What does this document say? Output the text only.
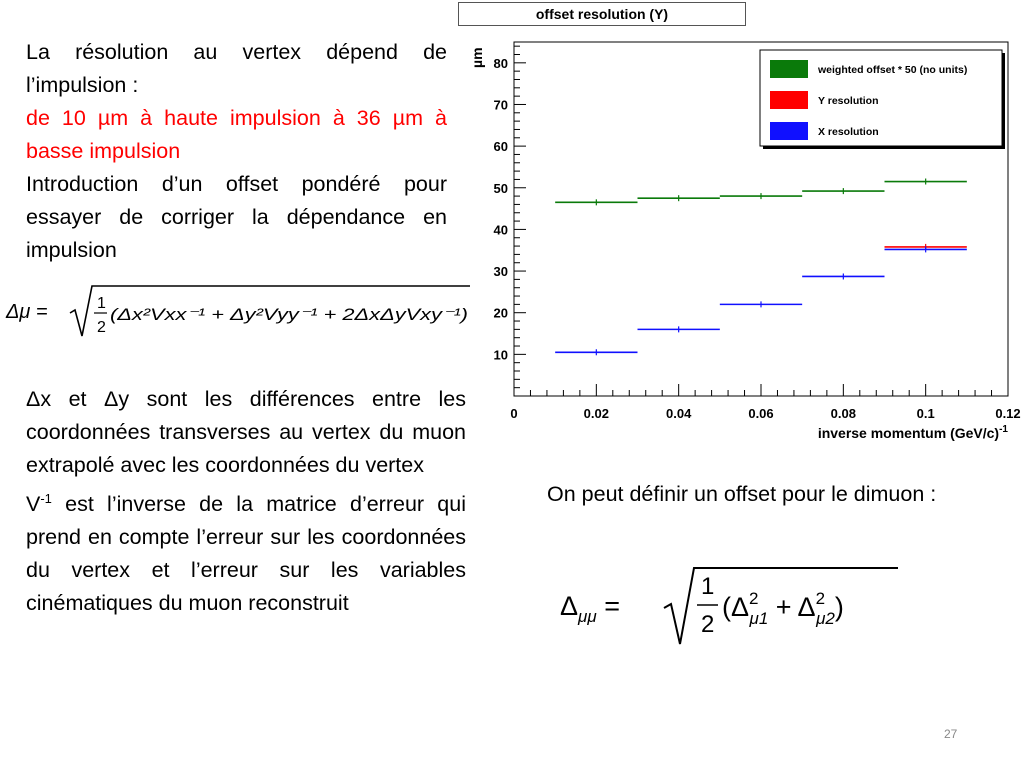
La résolution au vertex dépend de l’impulsion :
de 10 µm à haute impulsion à 36 µm à basse impulsion
Introduction d’un offset pondéré pour essayer de corriger la dépendance en impulsion
Δμ =	1
2
(Δx²Vxx⁻¹ + Δy²Vyy⁻¹ + 2ΔxΔyVxy⁻¹)
Δx et Δy sont les différences entre les coordonnées transverses au vertex du muon extrapolé avec les coordonnées du vertex
$V^{-1}$ est l’inverse de la matrice d’erreur qui prend en compte l’erreur sur les coordonnées du vertex et l’erreur sur les variables cinématiques du muon reconstruit
offset resolution (Υ)
µm
10
20
30
40
50
60
70
80
0	0.02	0.04	0.06	0.08	0.1	0.12
weighted offset * 50 (no units)
Y resolution
X resolution
inverse momentum $(GeV/c)^{-1}$
On peut définir un offset pour le dimuon :
$\Delta_{\mu\mu}$ =
1
2
($\Delta^2$ $\mu 1 + \Delta^2$ μ2)
27
